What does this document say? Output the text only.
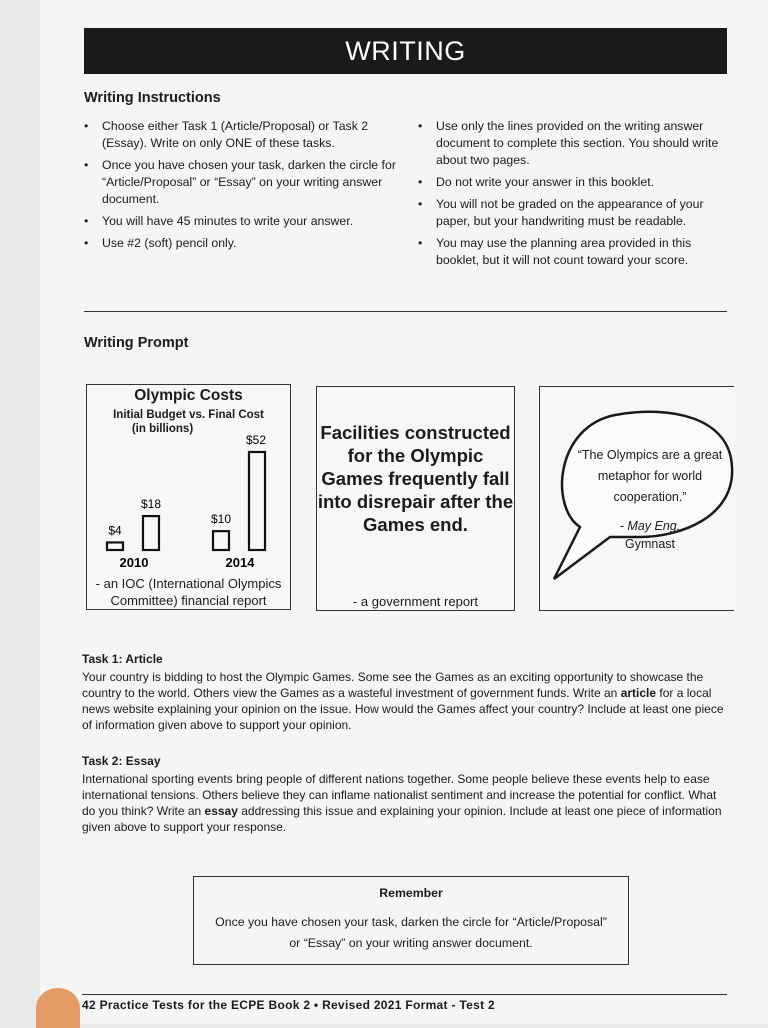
WRITING
Writing Instructions
• Choose either Task 1 (Article/Proposal) or Task 2 (Essay). Write on only ONE of these tasks.
• Once you have chosen your task, darken the circle for “Article/Proposal” or “Essay” on your writing answer document.
• You will have 45 minutes to write your answer.
• Use #2 (soft) pencil only.
• Use only the lines provided on the writing answer document to complete this section. You should write about two pages.
• Do not write your answer in this booklet.
• You will not be graded on the appearance of your paper, but your handwriting must be readable.
• You may use the planning area provided in this booklet, but it will not count toward your score.
Writing Prompt
Olympic Costs
Initial Budget vs. Final Cost
(in billions)
$4
$18
2010
$10
$52
2014
- an IOC (International Olympics Committee) financial report
Facilities constructed for the Olympic Games frequently fall into disrepair after the Games end.
- a government report
“The Olympics are a great metaphor for world cooperation.”
- May Eng,
Gymnast

Task 1: Article

Your country is bidding to host the Olympic Games. Some see the Games as an exciting opportunity to showcase the country to the world. Others view the Games as a wasteful investment of government funds. Write an article for a local news website explaining your opinion on the issue. How would the Games affect your country? Include at least one piece of information given above to support your opinion.

Task 2: Essay

International sporting events bring people of different nations together. Some people believe these events help to ease international tensions. Others believe they can inflame nationalist sentiment and increase the potential for conflict. What do you think? Write an essay addressing this issue and explaining your opinion. Include at least one piece of information given above to support your response.

Remember
Once you have chosen your task, darken the circle for “Article/Proposal” or “Essay” on your writing answer document.
42 Practice Tests for the ECPE Book 2 • Revised 2021 Format - Test 2
